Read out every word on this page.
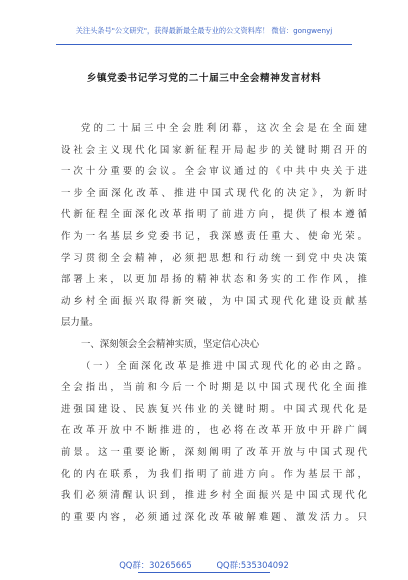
关注头条号"公文研究"，获得最新最全最专业的公文资料库！ 微信：gongwenyj
乡镇党委书记学习党的二十届三中全会精神发言材料
党的二十届三中全会胜利闭幕，这次全会是在全面建
设社会主义现代化国家新征程开局起步的关键时期召开的
一次十分重要的会议。全会审议通过的《中共中央关于进
一步全面深化改革、推进中国式现代化的决定》，为新时
代新征程全面深化改革指明了前进方向，提供了根本遵循
作为一名基层乡党委书记，我深感责任重大、使命光荣。
学习贯彻全会精神，必须把思想和行动统一到党中央决策
部署上来，以更加昂扬的精神状态和务实的工作作风，推
动乡村全面振兴取得新突破，为中国式现代化建设贡献基
层力量。
一、深刻领会全会精神实质，坚定信心决心
（一）全面深化改革是推进中国式现代化的必由之路。
全会指出，当前和今后一个时期是以中国式现代化全面推
进强国建设、民族复兴伟业的关键时期。中国式现代化是
在改革开放中不断推进的，也必将在改革开放中开辟广阔
前景。这一重要论断，深刻阐明了改革开放与中国式现代
化的内在联系，为我们指明了前进方向。作为基层干部，
我们必须清醒认识到，推进乡村全面振兴是中国式现代化
的重要内容，必须通过深化改革破解难题、激发活力。只
QQ群：30265665	QQ群:535304092
